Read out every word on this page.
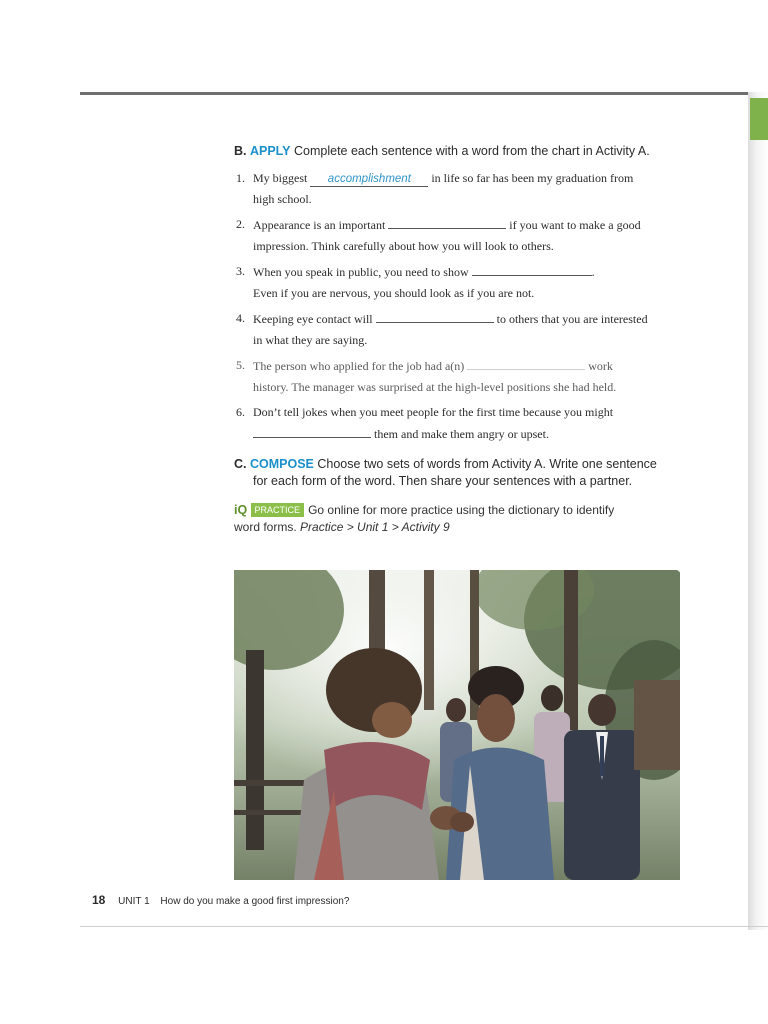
B. APPLY Complete each sentence with a word from the chart in Activity A.

1. My biggest accomplishment in life so far has been my graduation from
high school.
2. Appearance is an important	if you want to make a good
impression. Think carefully about how you will look to others.
3. When you speak in public, you need to show	.
Even if you are nervous, you should look as if you are not.
4. Keeping eye contact will	to others that you are interested
in what they are saying.
5. The person who applied for the job had a(n)	work
history. The manager was surprised at the high-level positions she had held.
6. Don’t tell jokes when you meet people for the first time because you might
them and make them angry or upset.

C. COMPOSE Choose two sets of words from Activity A. Write one sentence
for each form of the word. Then share your sentences with a partner.

iQ PRACTICE Go online for more practice using the dictionary to identify
word forms. Practice > Unit 1 > Activity 9
18 UNIT 1 How do you make a good first impression?
